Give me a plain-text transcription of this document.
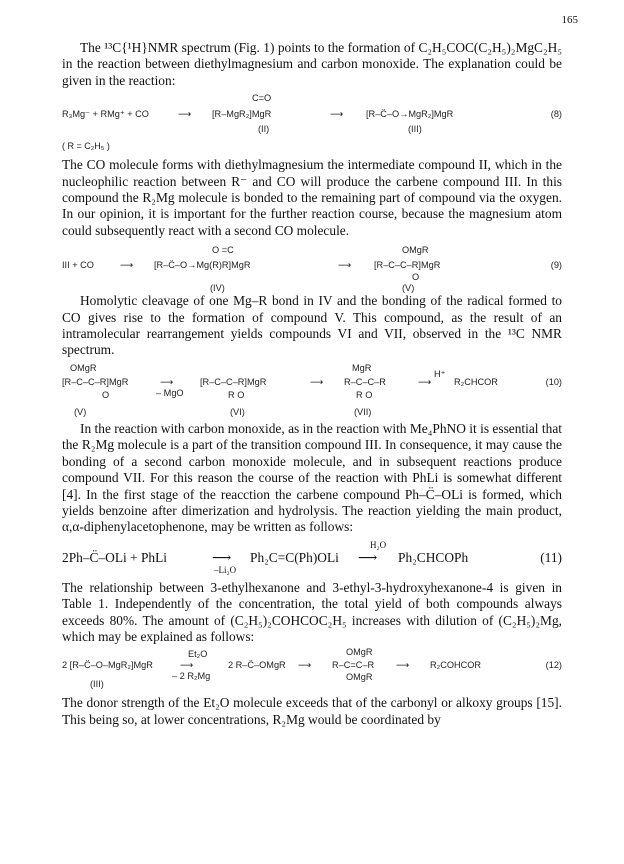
165

The ¹³C{¹H}NMR spectrum (Fig. 1) points to the formation of C₂H₅COC(C₂H₅)₂MgC₂H₅ in the reaction between diethylmagnesium and carbon monoxide. The explanation could be given in the reaction:

C=O
R₃Mg⁻ + RMg⁺ + CO	⟶ [R–MgR₂]MgR	⟶ [R–C̈–O→MgR₂]MgR	(8)
(II)	(III)
( R = C₂H₅ )

The CO molecule forms with diethylmagnesium the intermediate compound II, which in the nucleophilic reaction between R⁻ and CO will produce the carbene compound III. In this compound the R₂Mg molecule is bonded to the remaining part of compound via the oxygen. In our opinion, it is important for the further reaction course, because the magnesium atom could subsequently react with a second CO molecule.

O =C	OMgR
III + CO	⟶ [R–C̈–O→Mg(R)R]MgR	⟶ [R–C–C–R]MgR	(9)
O
(IV)	(V)

Homolytic cleavage of one Mg–R bond in IV and the bonding of the radical formed to CO gives rise to the formation of compound V. This compound, as the result of an intramolecular rearrangement yields compounds VI and VII, observed in the ¹³C NMR spectrum.

OMgR	MgR
H⁺
[R–C–C–R]MgR	⟶
– MgO
[R–C–C–R]MgR	⟶ R–C–C–R	⟶ R₂CHCOR	(10)
O	R O	R O
(V)	(VI)	(VII)

In the reaction with carbon monoxide, as in the reaction with Me₄PhNO it is essential that the R₂Mg molecule is a part of the transition compound III. In consequence, it may cause the bonding of a second carbon monoxide molecule, and in subsequent reactions produce compound VII. For this reason the course of the reaction with PhLi is somewhat different [4]. In the first stage of the reacction the carbene compound Ph–C̈–OLi is formed, which yields benzoine after dimerization and hydrolysis. The reaction yielding the main product, α,α-diphenylacetophenone, may be written as follows:

H₂O
2Ph–C̈–OLi + PhLi	⟶
–Li₂O
Ph₂C=C(Ph)OLi ⟶ Ph₂CHCOPh	(11)

The relationship between 3-ethylhexanone and 3-ethyl-3-hydroxyhexanone-4 is given in Table 1. Independently of the concentration, the total yield of both compounds always exceeds 80%. The amount of (C₂H₅)₂COHCOC₂H₅ increases with dilution of (C₂H₅)₂Mg, which may be explained as follows:

Et₂O	OMgR
2 [R–C̈–O–MgR₂]MgR	⟶
– 2 R₂Mg
2 R–C̈–OMgR ⟶ R–C=C–R ⟶ R₂COHCOR	(12)
OMgR
(III)

The donor strength of the Et₂O molecule exceeds that of the carbonyl or alkoxy groups [15]. This being so, at lower concentrations, R₂Mg would be coordinated by
